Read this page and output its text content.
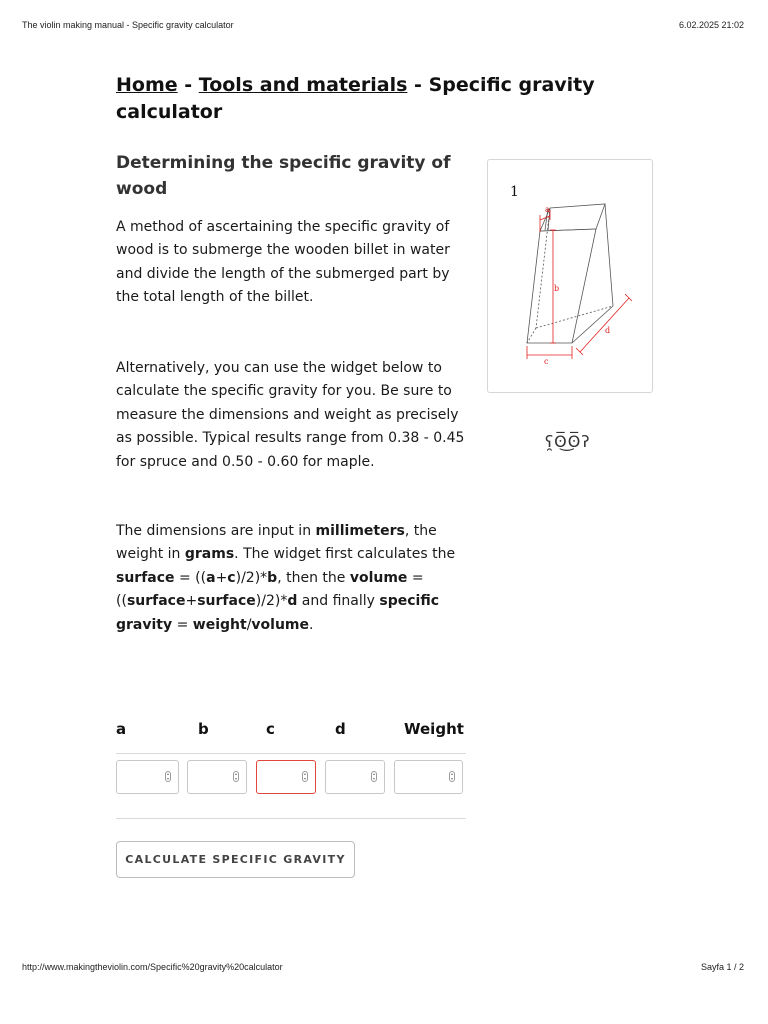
The violin making manual - Specific gravity calculator	6.02.2025 21:02
Home - Tools and materials - Specific gravity calculator
Determining the specific gravity of wood

A method of ascertaining the specific gravity of wood is to submerge the wooden billet in water and divide the length of the submerged part by the total length of the billet.

Alternatively, you can use the widget below to calculate the specific gravity for you. Be sure to measure the dimensions and weight as precisely as possible. Typical results range from 0.38 - 0.45 for spruce and 0.50 - 0.60 for maple.

The dimensions are input in millimeters, the weight in grams. The widget first calculates the surface = ((a+c)/2)*b, then the volume = ((surface+surface)/2)*d and finally specific gravity = weight/volume.

1
a
b
c
d
ʕ̯ʘ̅͜ʘ̅ʔ
a	b	c	d	Weight
CALCULATE SPECIFIC GRAVITY
http://www.makingtheviolin.com/Specific%20gravity%20calculator	Sayfa 1 / 2
